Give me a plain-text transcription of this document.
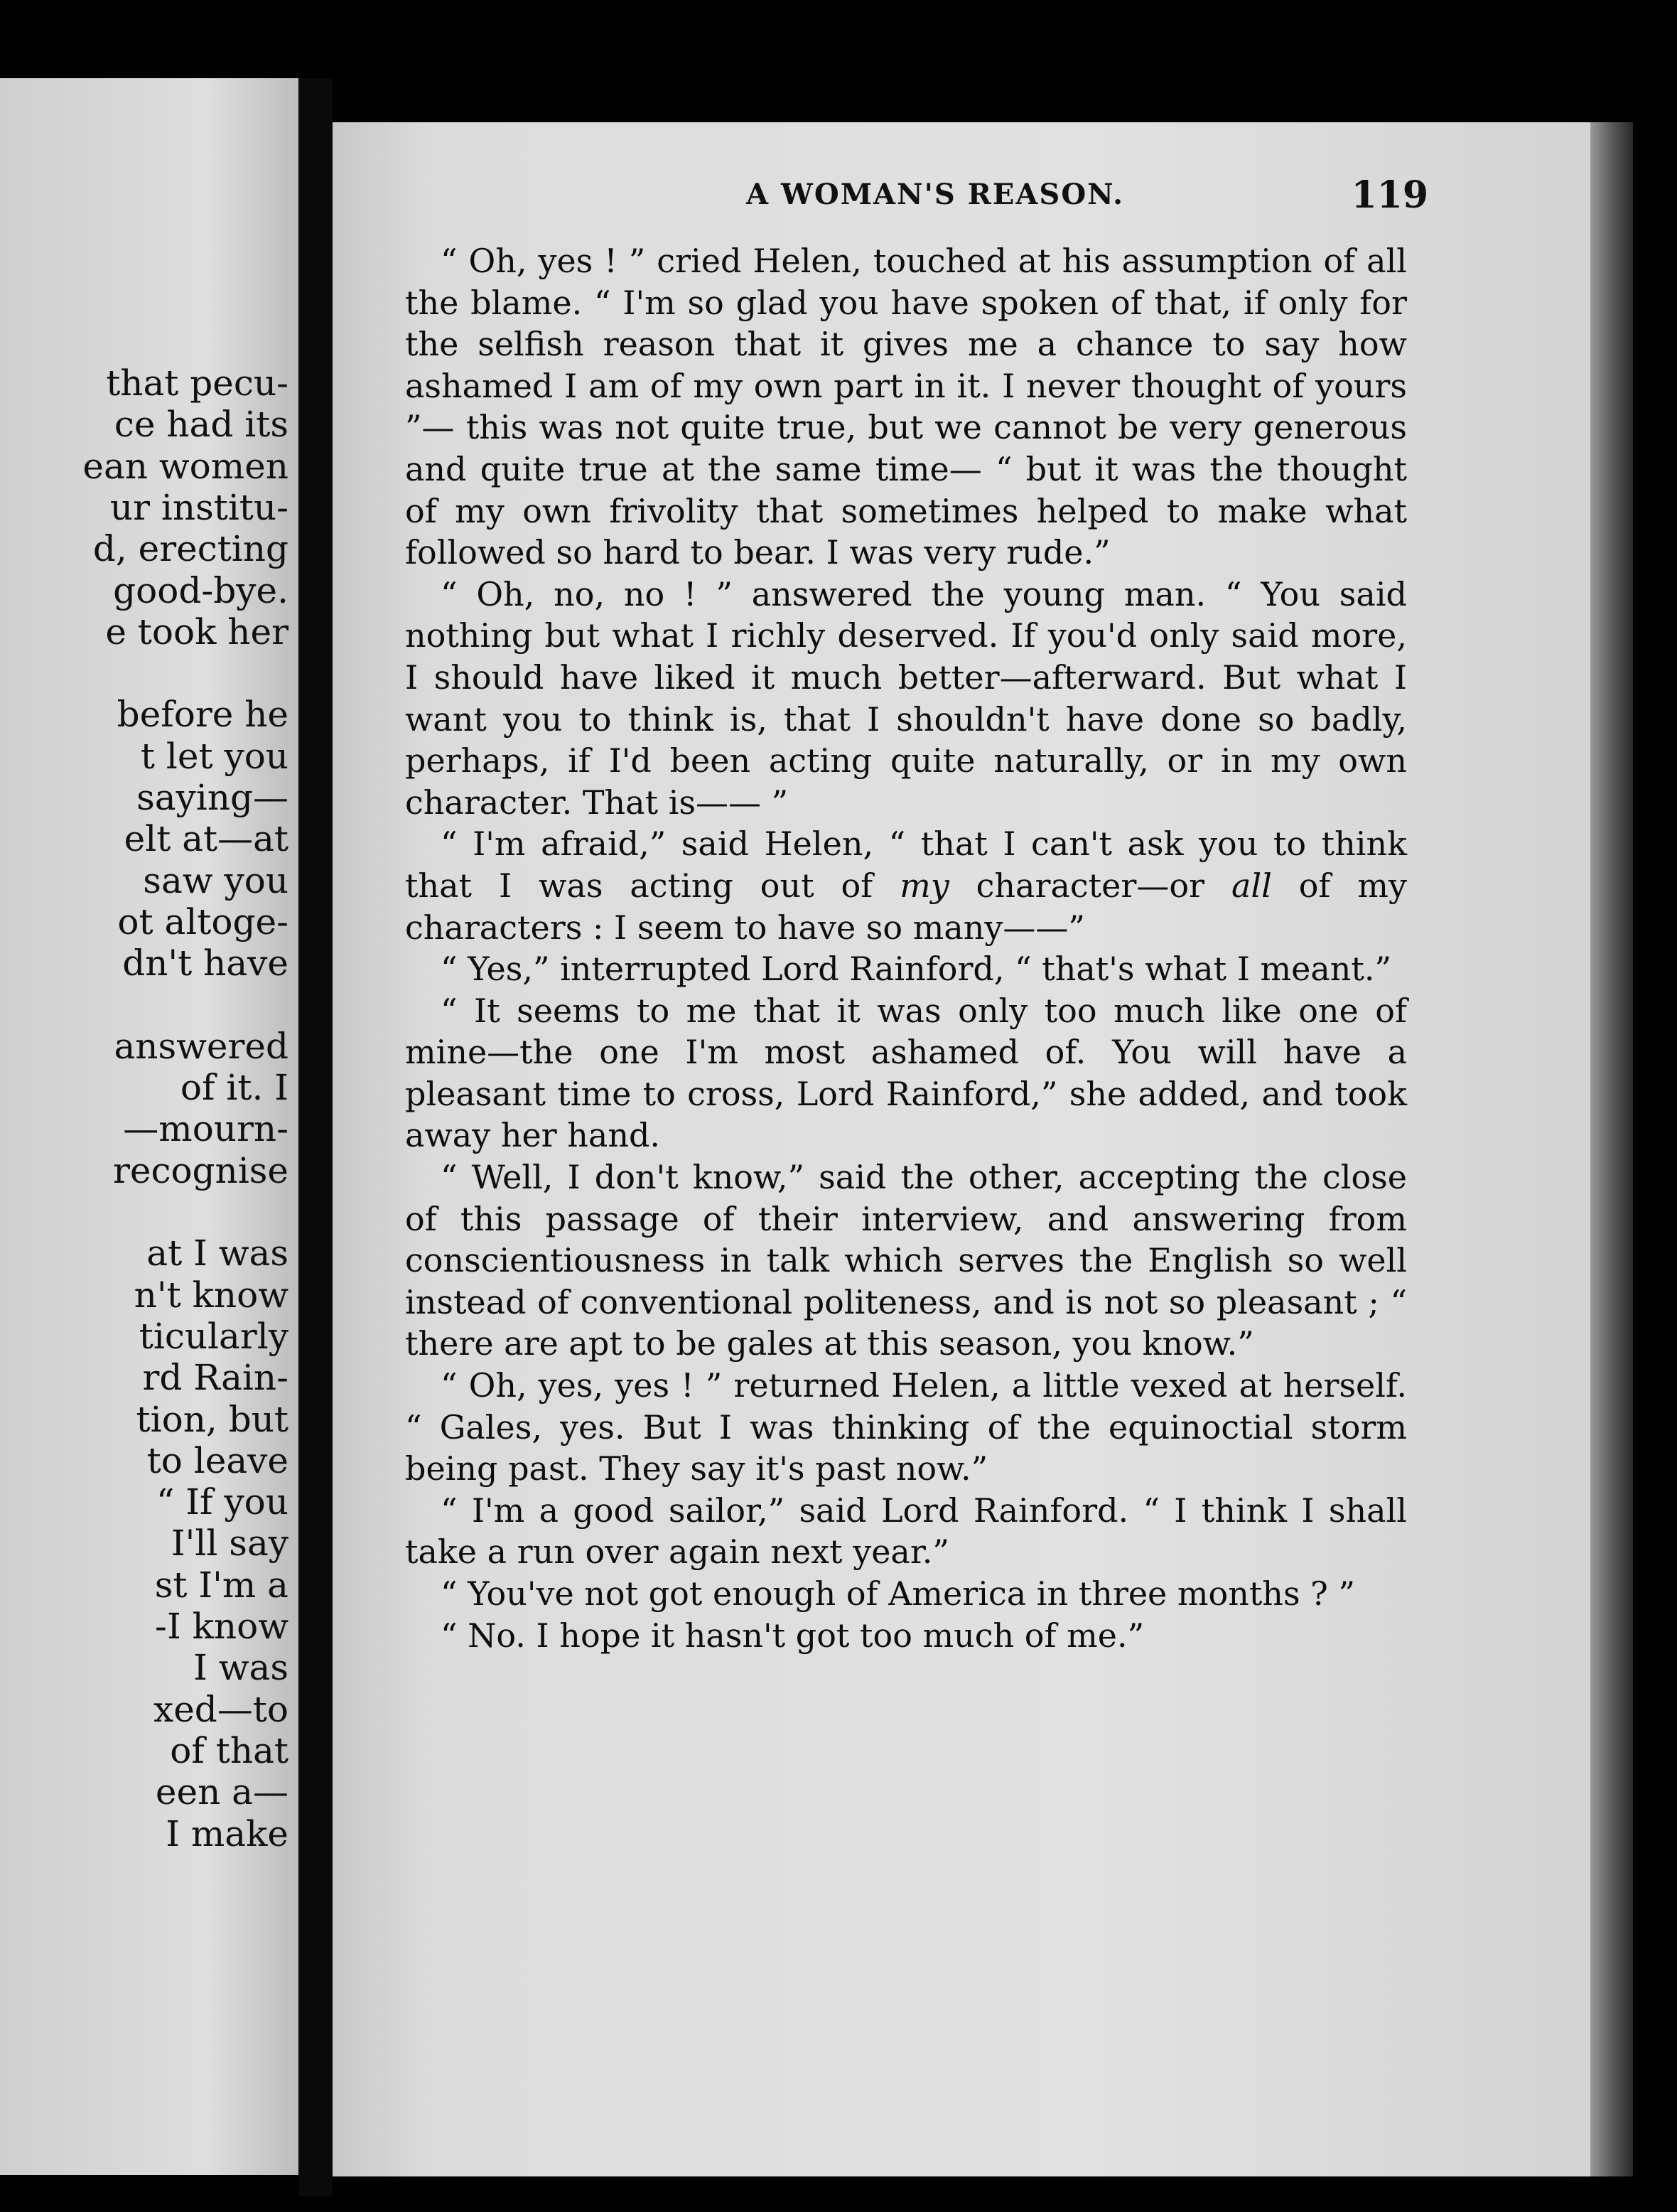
that pecu-
ce had its
ean women
ur institu-
d, erecting
good-bye.
e took her
before he
t let you
saying—
elt at—at
saw you
ot altoge-
dn't have
answered
of it. I
—mourn-
recognise
at I was
n't know
ticularly
rd Rain-
tion, but
to leave
“ If you
I'll say
st I'm a
-I know
I was
xed—to
of that
een a—
I make
A WOMAN'S REASON.	119

“ Oh, yes ! ” cried Helen, touched at his assumption of all the blame. “ I'm so glad you have spoken of that, if only for the selfish reason that it gives me a chance to say how ashamed I am of my own part in it. I never thought of yours ”— this was not quite true, but we cannot be very generous and quite true at the same time— “ but it was the thought of my own frivolity that sometimes helped to make what followed so hard to bear. I was very rude.”

“ Oh, no, no ! ” answered the young man. “ You said nothing but what I richly deserved. If you'd only said more, I should have liked it much better—afterward. But what I want you to think is, that I shouldn't have done so badly, perhaps, if I'd been acting quite naturally, or in my own character. That is—— ”

“ I'm afraid,” said Helen, “ that I can't ask you to think that I was acting out of my character—or all of my characters : I seem to have so many——”

“ Yes,” interrupted Lord Rainford, “ that's what I meant.”

“ It seems to me that it was only too much like one of mine—the one I'm most ashamed of. You will have a pleasant time to cross, Lord Rainford,” she added, and took away her hand.

“ Well, I don't know,” said the other, accepting the close of this passage of their interview, and answering from conscientiousness in talk which serves the English so well instead of conventional politeness, and is not so pleasant ; “ there are apt to be gales at this season, you know.”

“ Oh, yes, yes ! ” returned Helen, a little vexed at herself. “ Gales, yes. But I was thinking of the equinoctial storm being past. They say it's past now.”

“ I'm a good sailor,” said Lord Rainford. “ I think I shall take a run over again next year.”

“ You've not got enough of America in three months ? ”

“ No. I hope it hasn't got too much of me.”
